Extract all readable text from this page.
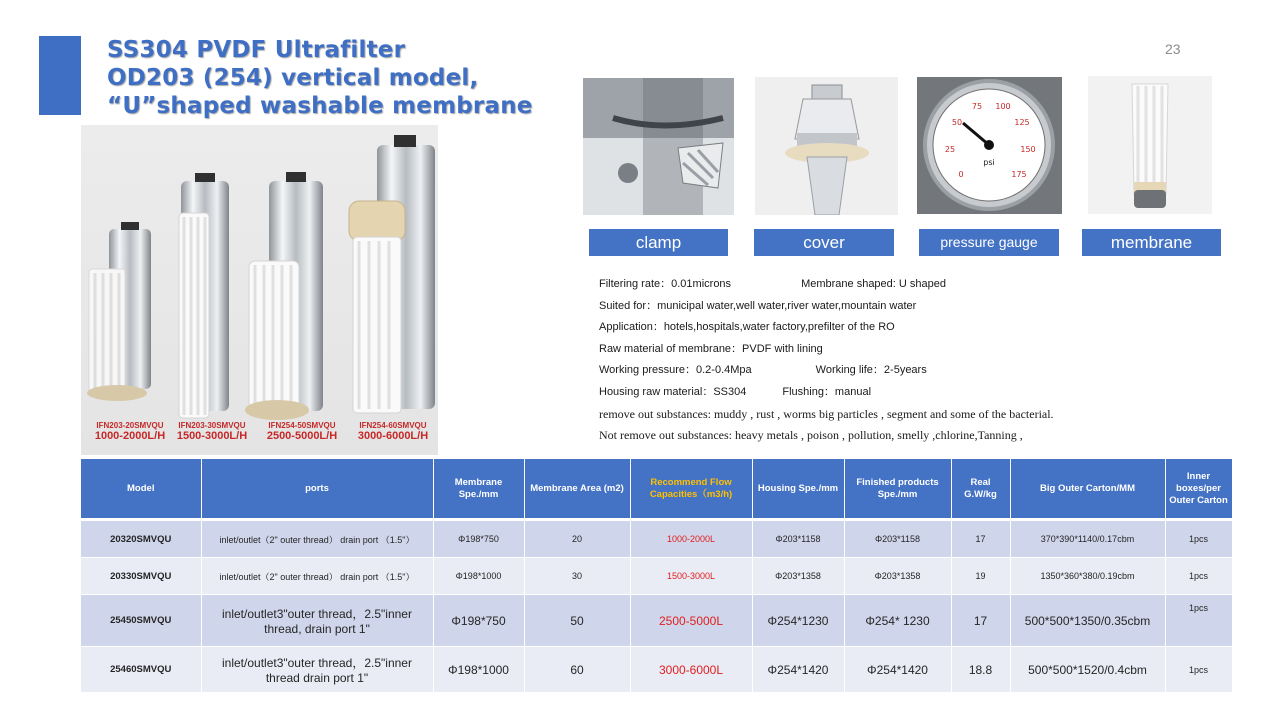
SS304 PVDF Ultrafilter
OD203 (254) vertical model,
“U”shaped washable membrane
23
IFN203-20SMVQU
1000-2000L/H
IFN203-30SMVQU
1500-3000L/H
IFN254-50SMVQU
2500-5000L/H
IFN254-60SMVQU
3000-6000L/H
psi
0
25
50
75 100
125
150
175
clamp	cover	pressure gauge	membrane
Filtering rate：0.01microns	Membrane shaped: U shaped
Suited for：municipal water,well water,river water,mountain water
Application：hotels,hospitals,water factory,prefilter of the RO
Raw material of membrane：PVDF with lining
Working pressure：0.2-0.4Mpa	Working life：2-5years
Housing raw material：SS304	Flushing：manual
remove out substances: muddy , rust , worms big particles , segment and some of the bacterial.
Not remove out substances: heavy metals , poison , pollution, smelly ,chlorine,Tanning ,
Model	ports	Membrane Spe./mm	Membrane Area (m2)	Recommend Flow Capacities（m3/h)	Housing Spe./mm	Finished products Spe./mm	Real G.W/kg	Big Outer Carton/MM	Inner boxes/per Outer Carton
20320SMVQU	inlet/outlet（2" outer thread） drain port （1.5"）	Φ198*750	20	1000-2000L	Φ203*1158	Φ203*1158	17	370*390*1140/0.17cbm	1pcs
20330SMVQU	inlet/outlet（2" outer thread） drain port （1.5"）	Φ198*1000	30	1500-3000L	Φ203*1358	Φ203*1358	19	1350*360*380/0.19cbm	1pcs
25450SMVQU	inlet/outlet3"outer thread，2.5"inner thread, drain port 1"	Φ198*750	50	2500-5000L	Φ254*1230	Φ254* 1230	17	500*500*1350/0.35cbm	1pcs
25460SMVQU	inlet/outlet3"outer thread，2.5"inner thread drain port 1"	Φ198*1000	60	3000-6000L	Φ254*1420	Φ254*1420	18.8	500*500*1520/0.4cbm	1pcs
